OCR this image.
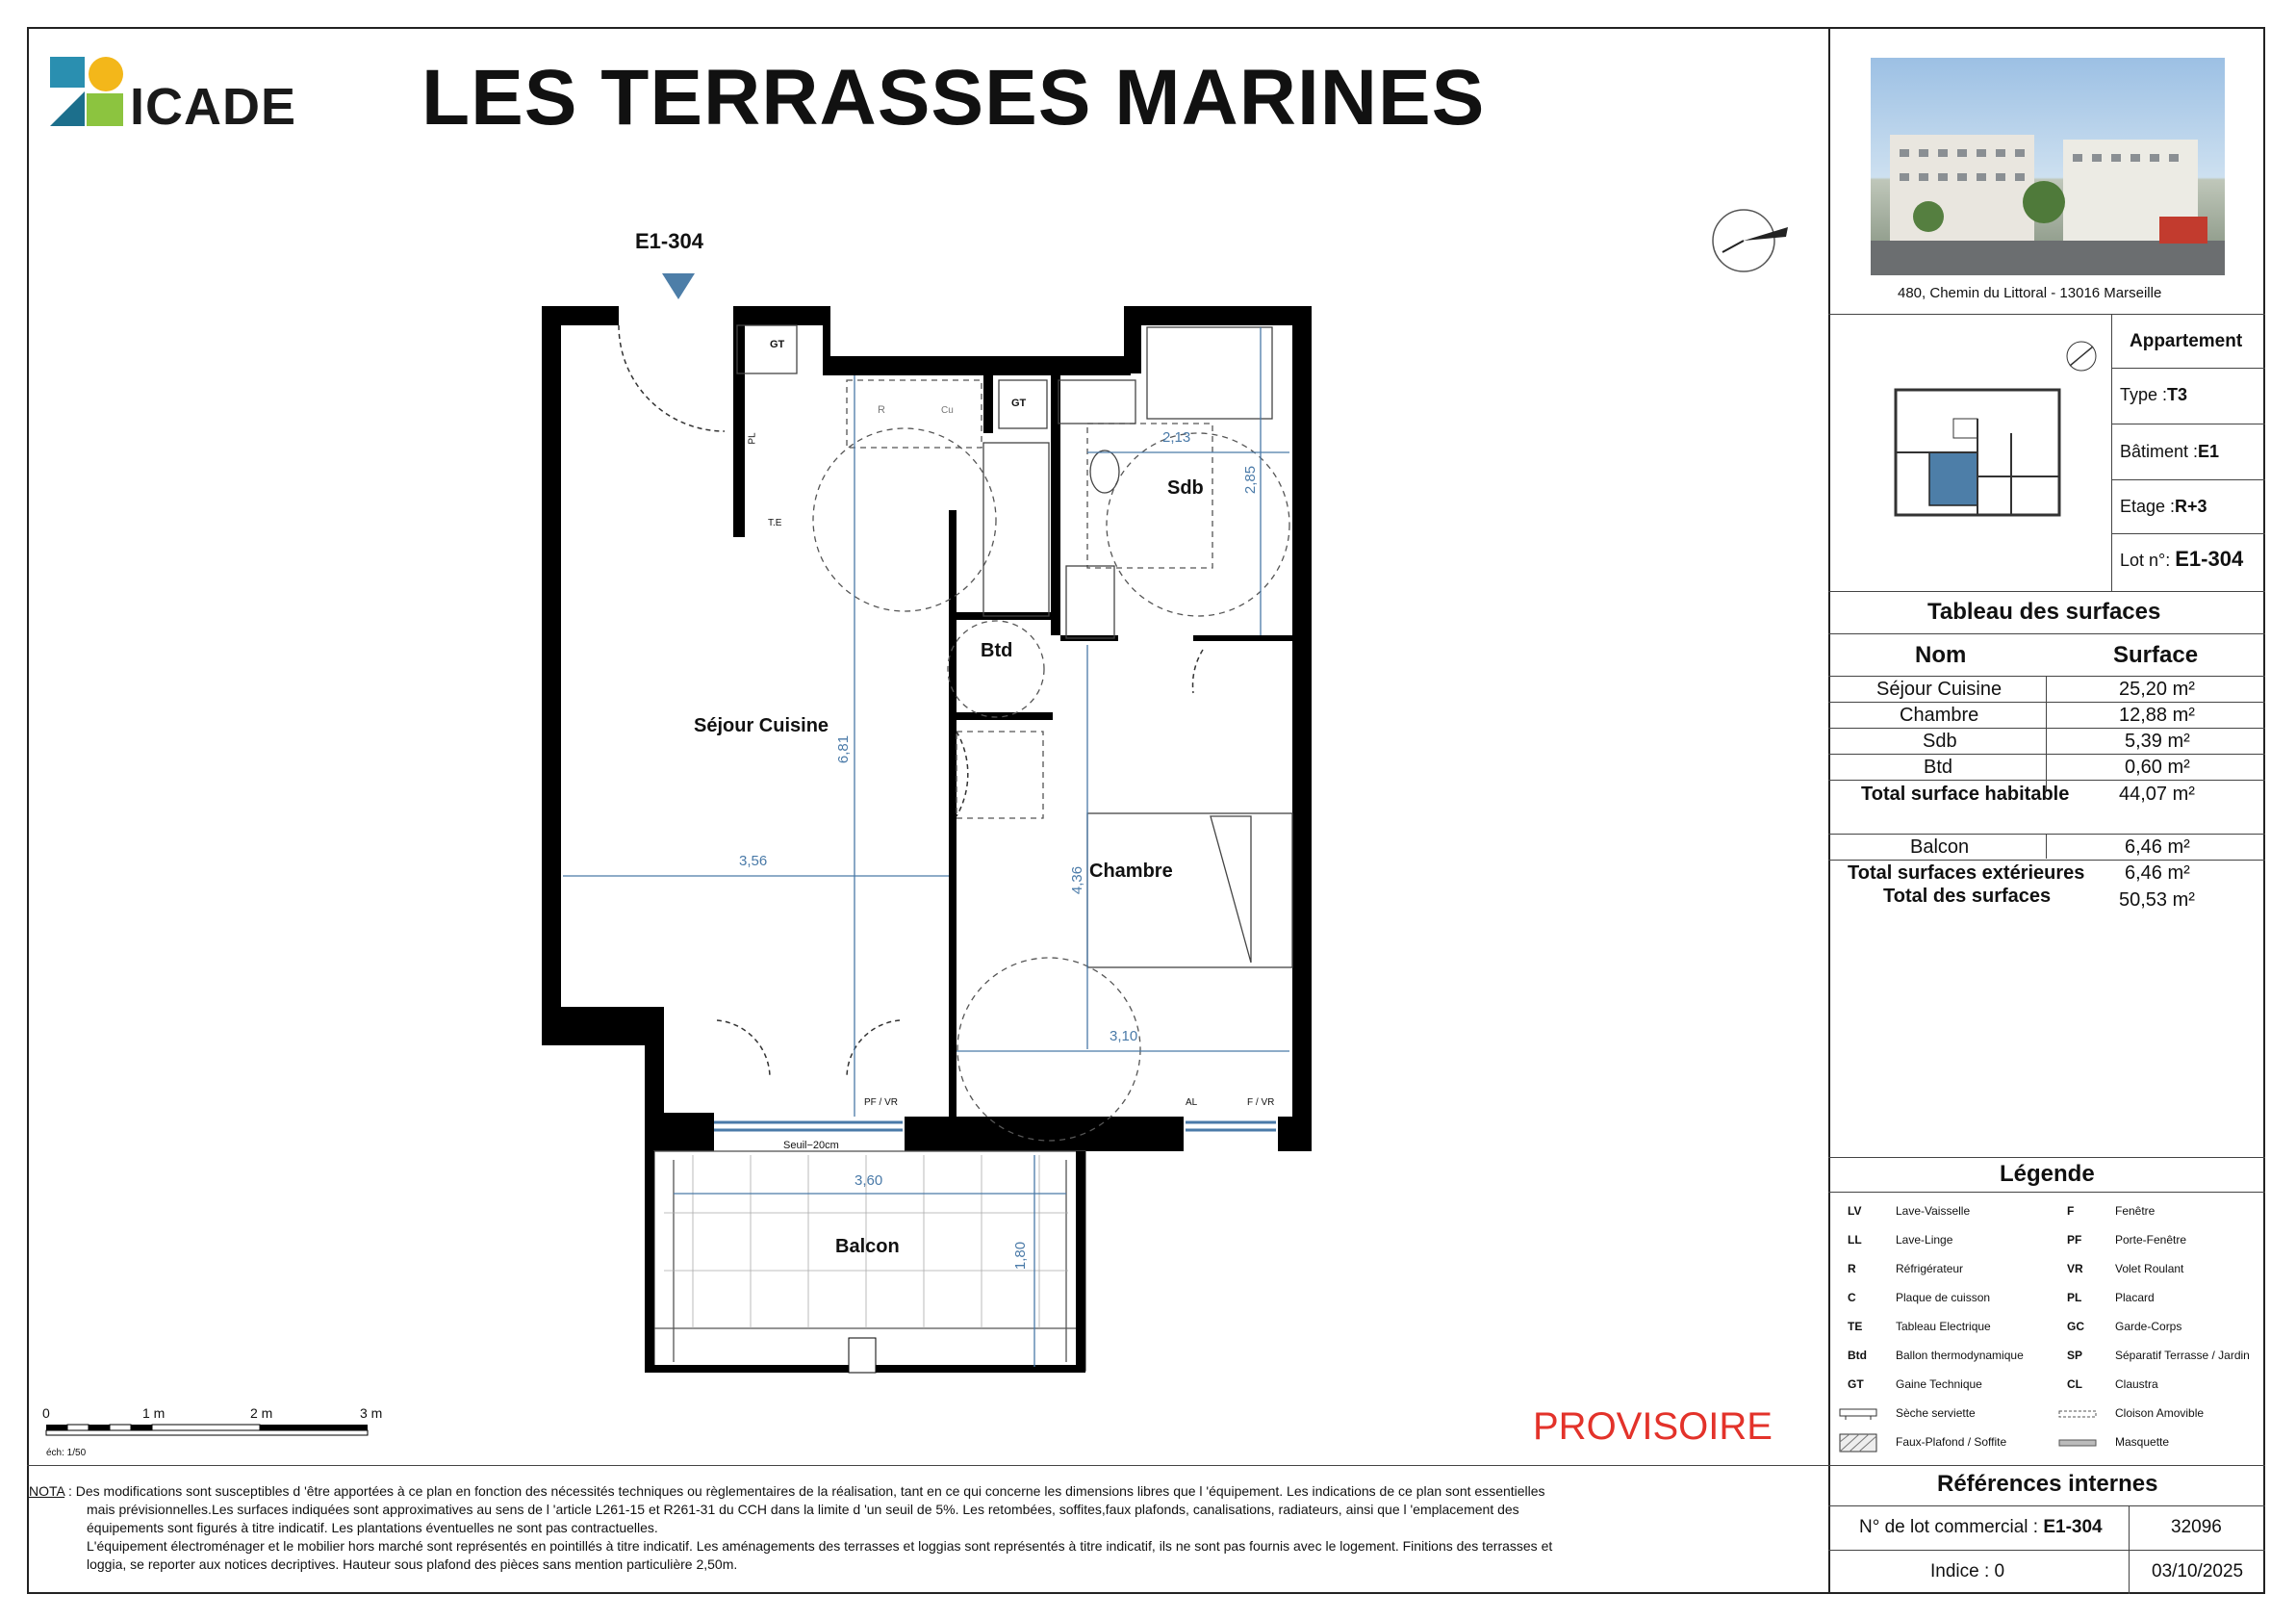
ICADE LES TERRASSES MARINES
E1-304
Séjour Cuisine
Chambre
Sdb
Btd
Balcon
2,13
2,85
6,81
3,56
4,36
3,10
3,60
1,80
GT
GT
PL
T.E
R	Cu
PF / VR	F / VR
AL
Seuil−20cm
0	1 m	2 m	3 m
éch: 1/50
PROVISOIRE
NOTA : Des modifications sont susceptibles d 'être apportées à ce plan en fonction des nécessités techniques ou règlementaires de la réalisation, tant en ce qui concerne les dimensions libres que l 'équipement. Les indications de ce plan sont essentielles
mais prévisionnelles.Les surfaces indiquées sont approximatives au sens de l 'article L261-15 et R261-31 du CCH dans la limite d 'un seuil de 5%. Les retombées, soffites,faux plafonds, canalisations, radiateurs, ainsi que l 'emplacement des
équipements sont figurés à titre indicatif. Les plantations éventuelles ne sont pas contractuelles.
L'équipement électroménager et le mobilier hors marché sont représentés en pointillés à titre indicatif. Les aménagements des terrasses et loggias sont représentés à titre indicatif, ils ne sont pas fournis avec le logement. Finitions des terrasses et
loggia, se reporter aux notices decriptives. Hauteur sous plafond des pièces sans mention particulière 2,50m.
480, Chemin du Littoral - 13016 Marseille
Appartement
Type :T3
Bâtiment :E1
Etage :R+3
Lot n°: E1-304
Tableau des surfaces
Nom	Surface
Séjour Cuisine	25,20 m²
Chambre	12,88 m²
Sdb	5,39 m²
Btd	0,60 m²
Total surface habitable	44,07 m²
Balcon	6,46 m²
Total surfaces extérieures 6,46 m²
Total des surfaces	50,53 m²
Légende
LV	Lave-Vaisselle	F	Fenêtre
LL	Lave-Linge	PF	Porte-Fenêtre
R	Réfrigérateur	VR	Volet Roulant
C	Plaque de cuisson	PL	Placard
TE	Tableau Electrique	GC	Garde-Corps
Btd	Ballon thermodynamique	SP	Séparatif Terrasse / Jardin
GT	Gaine Technique	CL	Claustra
Sèche serviette	Cloison Amovible
Faux-Plafond / Soffite	Masquette
Références internes
N° de lot commercial : E1-304	32096
Indice : 0	03/10/2025
